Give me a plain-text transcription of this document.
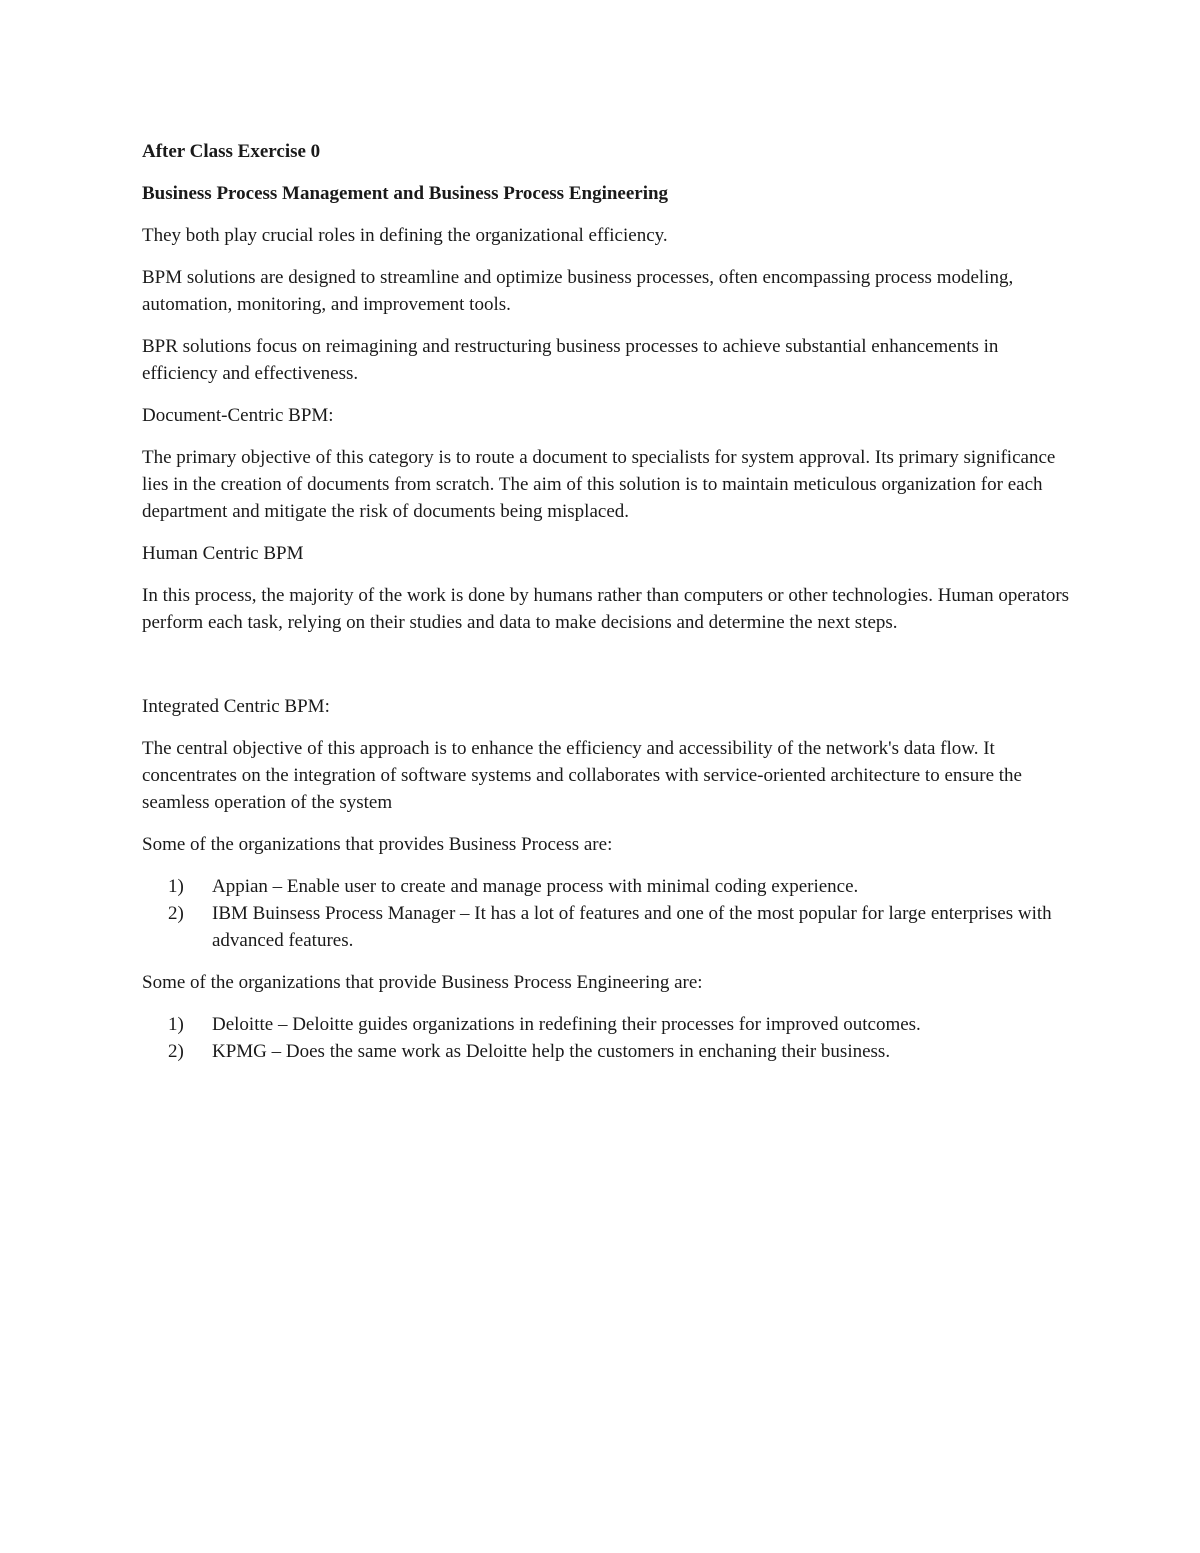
After Class Exercise 0

Business Process Management and Business Process Engineering

They both play crucial roles in defining the organizational efficiency.

BPM solutions are designed to streamline and optimize business processes, often encompassing process modeling, automation, monitoring, and improvement tools.

BPR solutions focus on reimagining and restructuring business processes to achieve substantial enhancements in efficiency and effectiveness.

Document-Centric BPM:

The primary objective of this category is to route a document to specialists for system approval. Its primary significance lies in the creation of documents from scratch. The aim of this solution is to maintain meticulous organization for each department and mitigate the risk of documents being misplaced.

Human Centric BPM

In this process, the majority of the work is done by humans rather than computers or other technologies. Human operators perform each task, relying on their studies and data to make decisions and determine the next steps.

Integrated Centric BPM:

The central objective of this approach is to enhance the efficiency and accessibility of the network's data flow. It concentrates on the integration of software systems and collaborates with service-oriented architecture to ensure the seamless operation of the system

Some of the organizations that provides Business Process are:

1) Appian – Enable user to create and manage process with minimal coding experience.
2) IBM Buinsess Process Manager – It has a lot of features and one of the most popular for large enterprises with advanced features.

Some of the organizations that provide Business Process Engineering are:

1) Deloitte – Deloitte guides organizations in redefining their processes for improved outcomes.
2) KPMG – Does the same work as Deloitte help the customers in enchaning their business.
